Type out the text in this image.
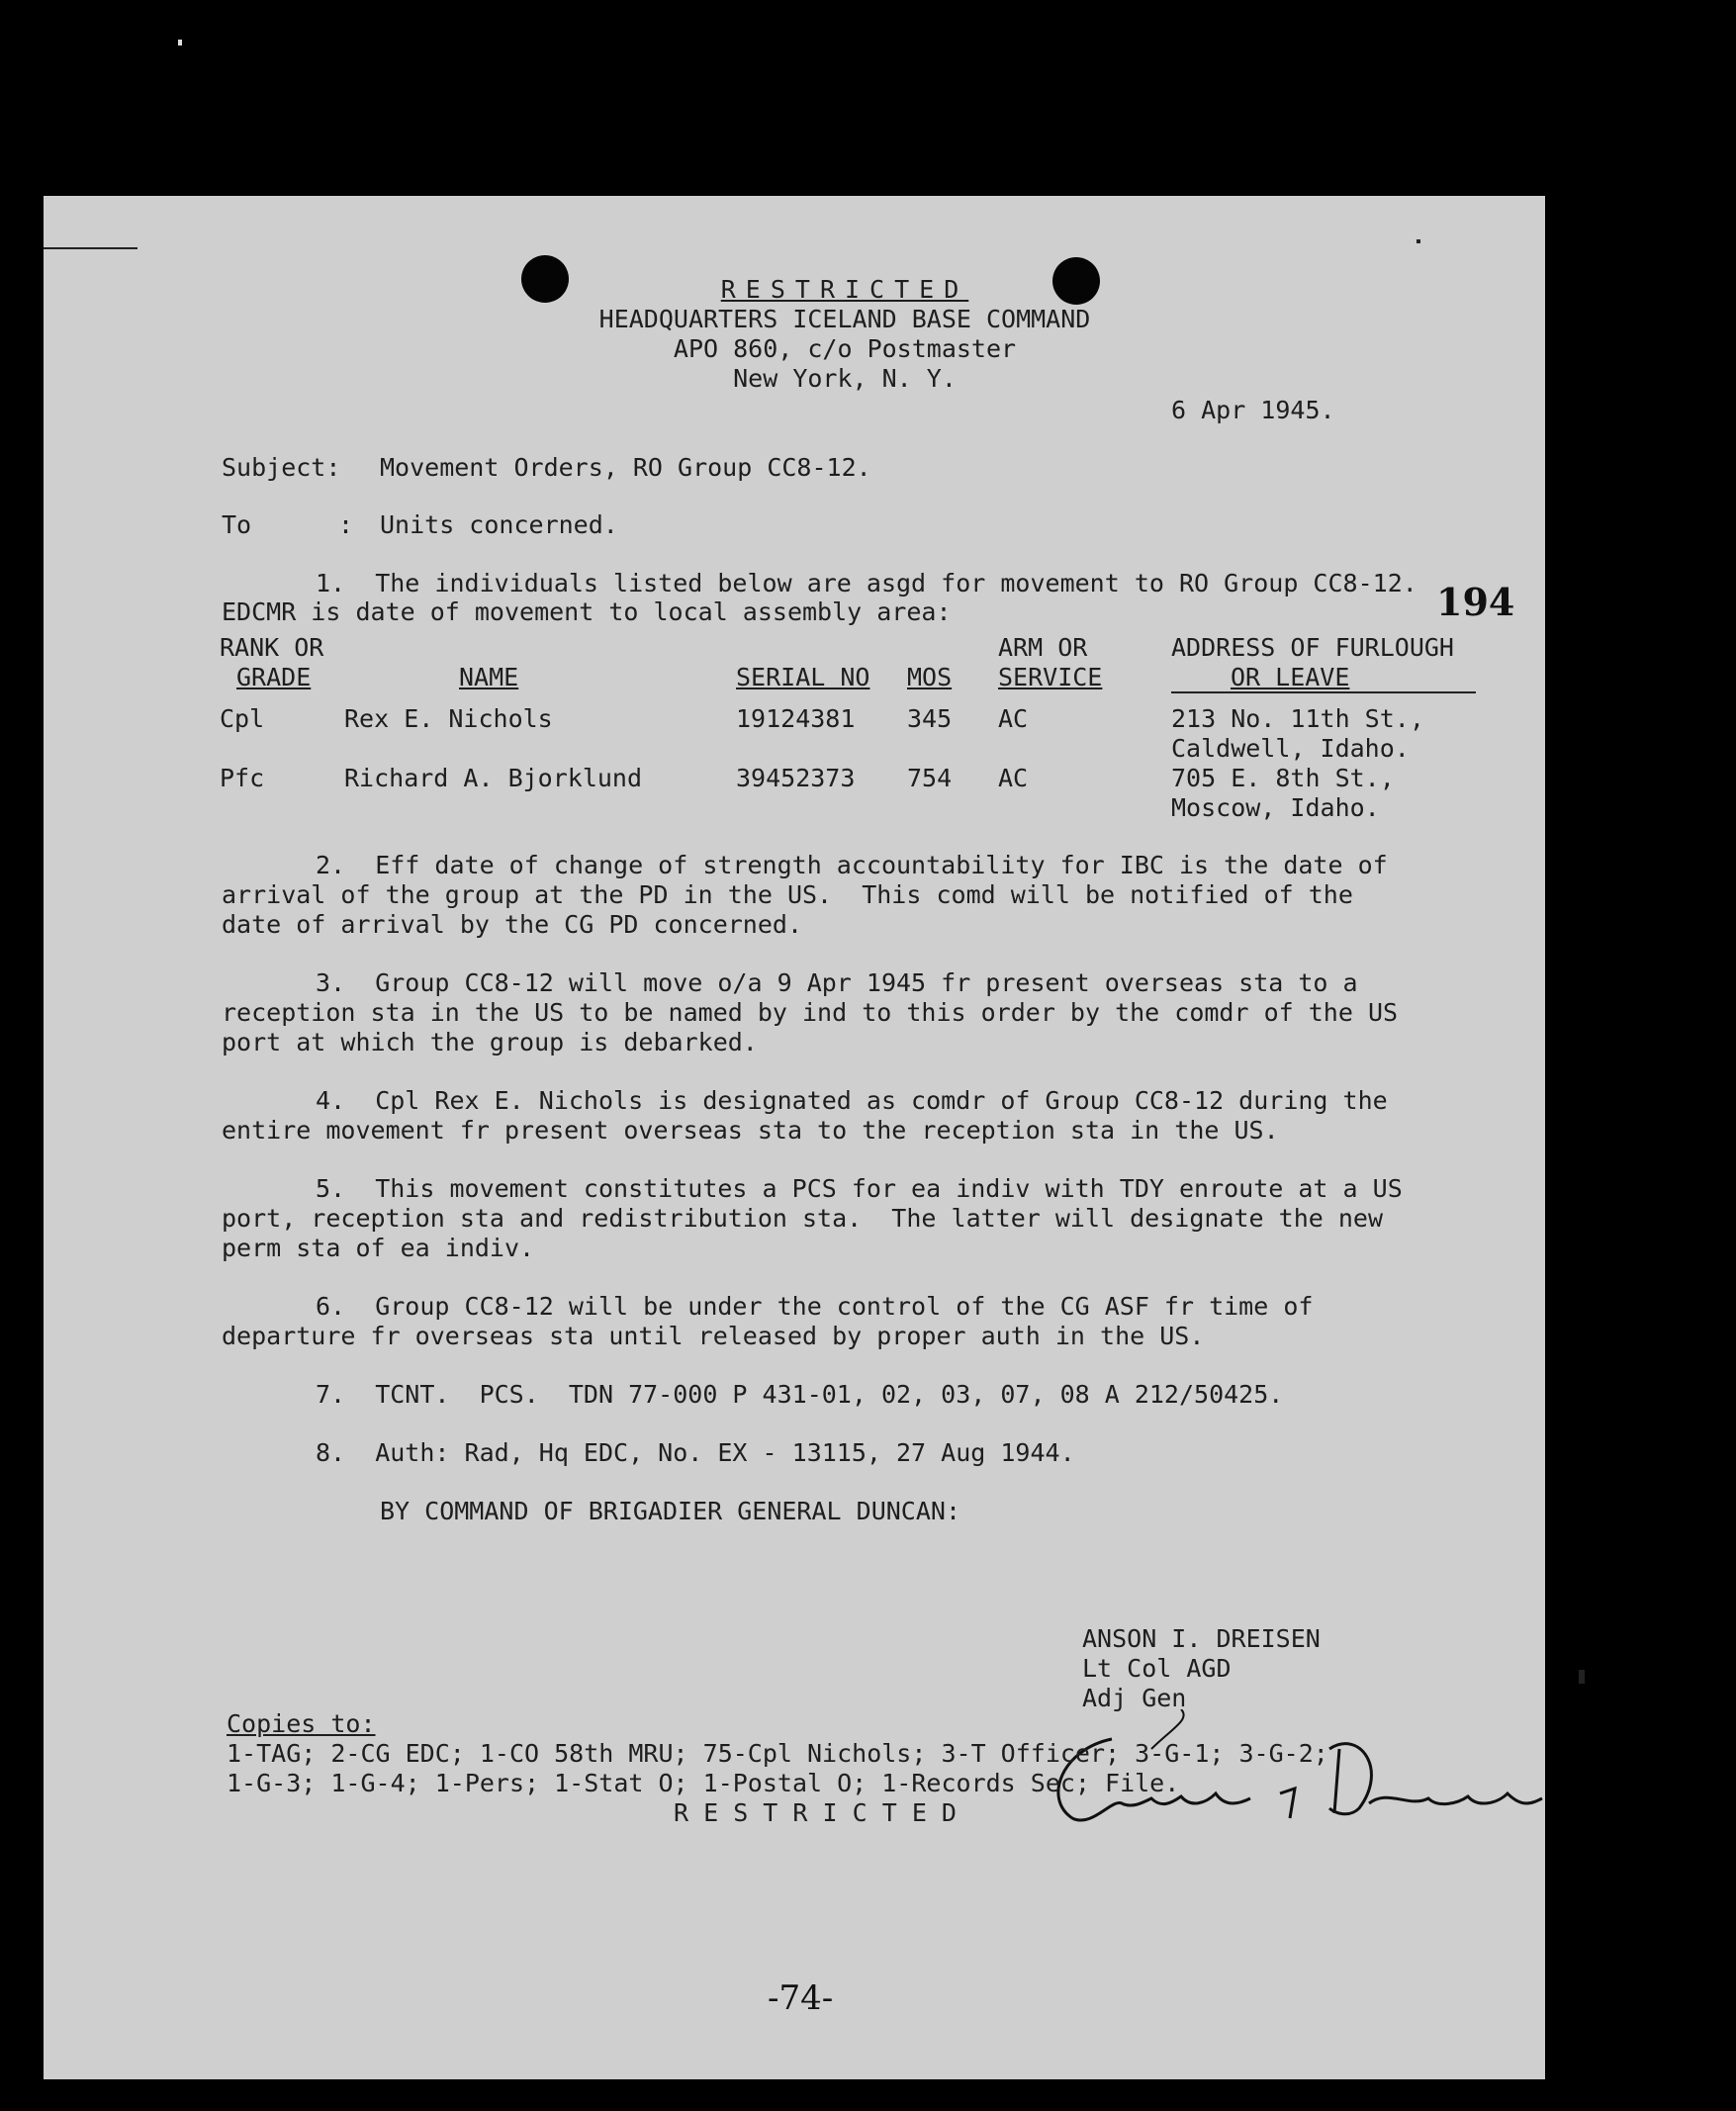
RESTRICTED
HEADQUARTERS ICELAND BASE COMMAND
APO 860, c/o Postmaster
New York, N. Y.
6 Apr 1945.
Subject: Movement Orders, RO Group CC8-12.
To	: Units concerned.
1.  The individuals listed below are asgd for movement to RO Group CC8-12.
EDCMR is date of movement to local assembly area:	194
RANK OR
GRADE	NAME	SERIAL NO MOS
ARM OR
SERVICE
ADDRESS OF FURLOUGH
OR LEAVE
Cpl	Rex E. Nichols	19124381 345 AC	213 No. 11th St.,
Caldwell, Idaho.
Pfc	Richard A. Bjorklund	39452373 754 AC	705 E. 8th St.,
Moscow, Idaho.
2.  Eff date of change of strength accountability for IBC is the date of
arrival of the group at the PD in the US.  This comd will be notified of the
date of arrival by the CG PD concerned.
3.  Group CC8-12 will move o/a 9 Apr 1945 fr present overseas sta to a
reception sta in the US to be named by ind to this order by the comdr of the US
port at which the group is debarked.
4.  Cpl Rex E. Nichols is designated as comdr of Group CC8-12 during the
entire movement fr present overseas sta to the reception sta in the US.
5.  This movement constitutes a PCS for ea indiv with TDY enroute at a US
port, reception sta and redistribution sta.  The latter will designate the new
perm sta of ea indiv.
6.  Group CC8-12 will be under the control of the CG ASF fr time of
departure fr overseas sta until released by proper auth in the US.
7.  TCNT.  PCS.  TDN 77-000 P 431-01, 02, 03, 07, 08 A 212/50425.
8.  Auth: Rad, Hq EDC, No. EX - 13115, 27 Aug 1944.
BY COMMAND OF BRIGADIER GENERAL DUNCAN:
ANSON I. DREISEN
Lt Col AGD
Adj Gen
Copies to:
1-TAG; 2-CG EDC; 1-CO 58th MRU; 75-Cpl Nichols; 3-T Officer; 3-G-1; 3-G-2;
1-G-3; 1-G-4; 1-Pers; 1-Stat O; 1-Postal O; 1-Records Sec; File.
R E S T R I C T E D
-74-
